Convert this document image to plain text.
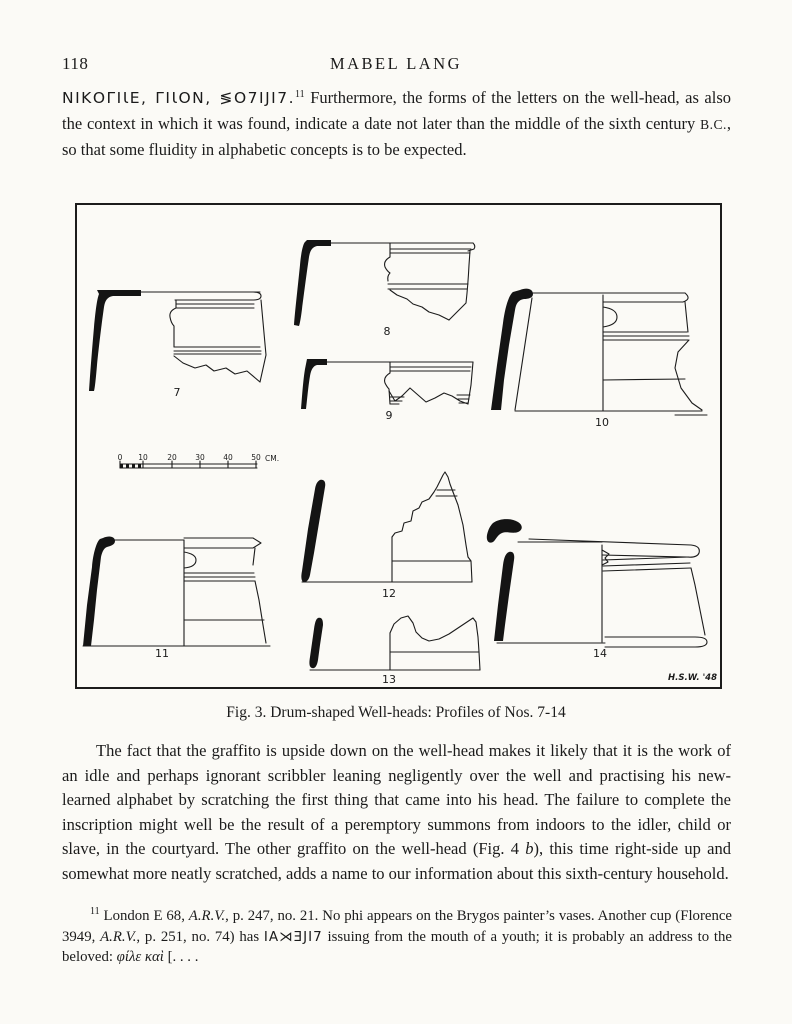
118	MABEL LANG

ΝΙΚΟΓΙƖΕ, ΓΙƖΟΝ, ≶Ο7ΙJΙ7.11 Furthermore, the forms of the letters on the well-head, as also the context in which it was found, indicate a date not later than the middle of the sixth century B.C., so that some fluidity in alphabetic concepts is to be expected.

7
8
9
10
0 10	20 30 40 50 CM.
11
12
13
14
H.S.W. '48
Fig. 3. Drum-shaped Well-heads: Profiles of Nos. 7-14

The fact that the graffito is upside down on the well-head makes it likely that it is the work of an idle and perhaps ignorant scribbler leaning negligently over the well and practising his new-learned alphabet by scratching the first thing that came into his head. The failure to complete the inscription might well be the result of a peremptory summons from indoors to the idler, child or slave, in the courtyard. The other graffito on the well-head (Fig. 4 b), this time right-side up and somewhat more neatly scratched, adds a name to our information about this sixth-century household.

$^{11}$ London E 68, A.R.V., p. 247, no. 21. No phi appears on the Brygos painter’s vases. Another cup (Florence 3949, A.R.V., p. 251, no. 74) has ΙΑ⋊ƎJΙ7 issuing from the mouth of a youth; it is probably an address to the beloved: φίλε καὶ [. . . .
